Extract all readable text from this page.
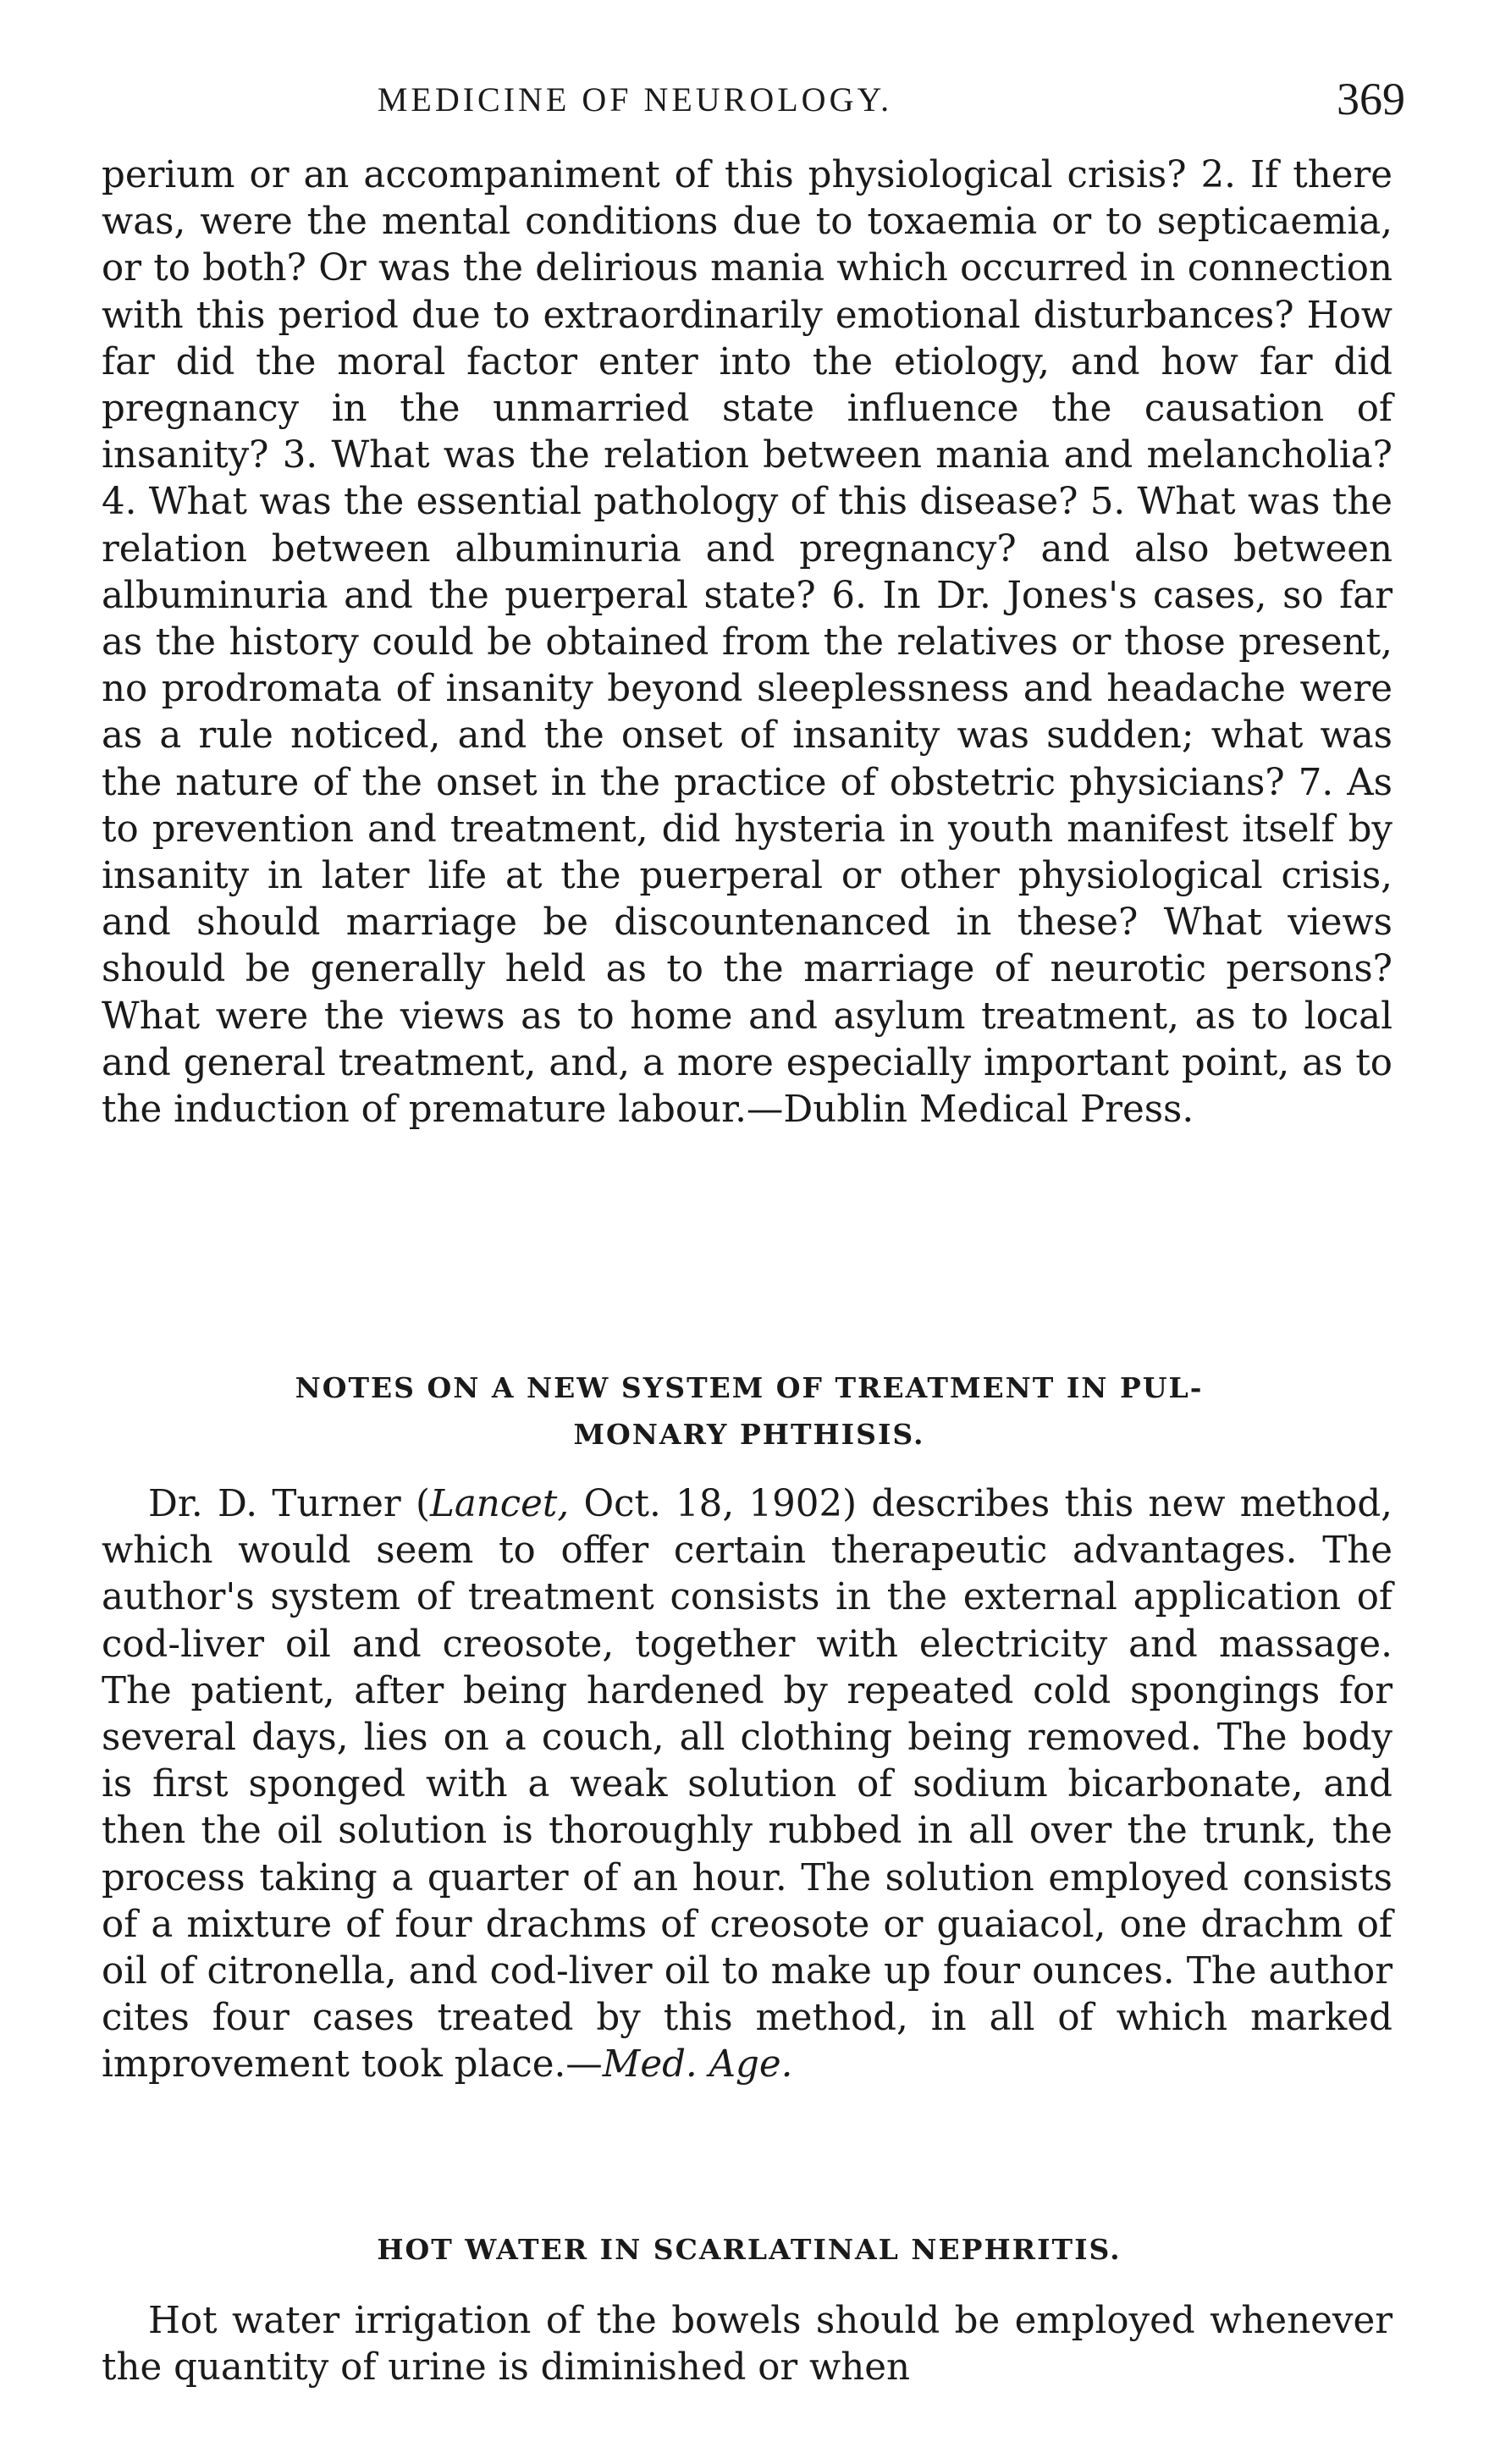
MEDICINE OF NEUROLOGY.	369

perium or an accompaniment of this physiological crisis? 2. If there was, were the mental conditions due to toxaemia or to septicaemia, or to both? Or was the delirious mania which occurred in connection with this period due to extraordinarily emotional disturbances? How far did the moral factor enter into the etiology, and how far did pregnancy in the unmarried state influence the causation of insanity? 3. What was the relation between mania and melancholia? 4. What was the essential pathology of this disease? 5. What was the relation between albuminuria and pregnancy? and also between albuminuria and the puerperal state? 6. In Dr. Jones's cases, so far as the history could be obtained from the relatives or those present, no prodromata of insanity beyond sleeplessness and headache were as a rule noticed, and the onset of insanity was sudden; what was the nature of the onset in the practice of obstetric physicians? 7. As to prevention and treatment, did hysteria in youth manifest itself by insanity in later life at the puerperal or other physiological crisis, and should marriage be discountenanced in these? What views should be generally held as to the marriage of neurotic persons? What were the views as to home and asylum treatment, as to local and general treatment, and, a more especially important point, as to the induction of premature labour.—Dublin Medical Press.

NOTES ON A NEW SYSTEM OF TREATMENT IN PUL-
MONARY PHTHISIS.

Dr. D. Turner (Lancet, Oct. 18, 1902) describes this new method, which would seem to offer certain therapeutic advantages. The author's system of treatment consists in the external application of cod-liver oil and creosote, together with electricity and massage. The patient, after being hardened by repeated cold spongings for several days, lies on a couch, all clothing being removed. The body is first sponged with a weak solution of sodium bicarbonate, and then the oil solution is thoroughly rubbed in all over the trunk, the process taking a quarter of an hour. The solution employed consists of a mixture of four drachms of creosote or guaiacol, one drachm of oil of citronella, and cod-liver oil to make up four ounces. The author cites four cases treated by this method, in all of which marked improvement took place.—Med. Age.

HOT WATER IN SCARLATINAL NEPHRITIS.

Hot water irrigation of the bowels should be employed whenever the quantity of urine is diminished or when
